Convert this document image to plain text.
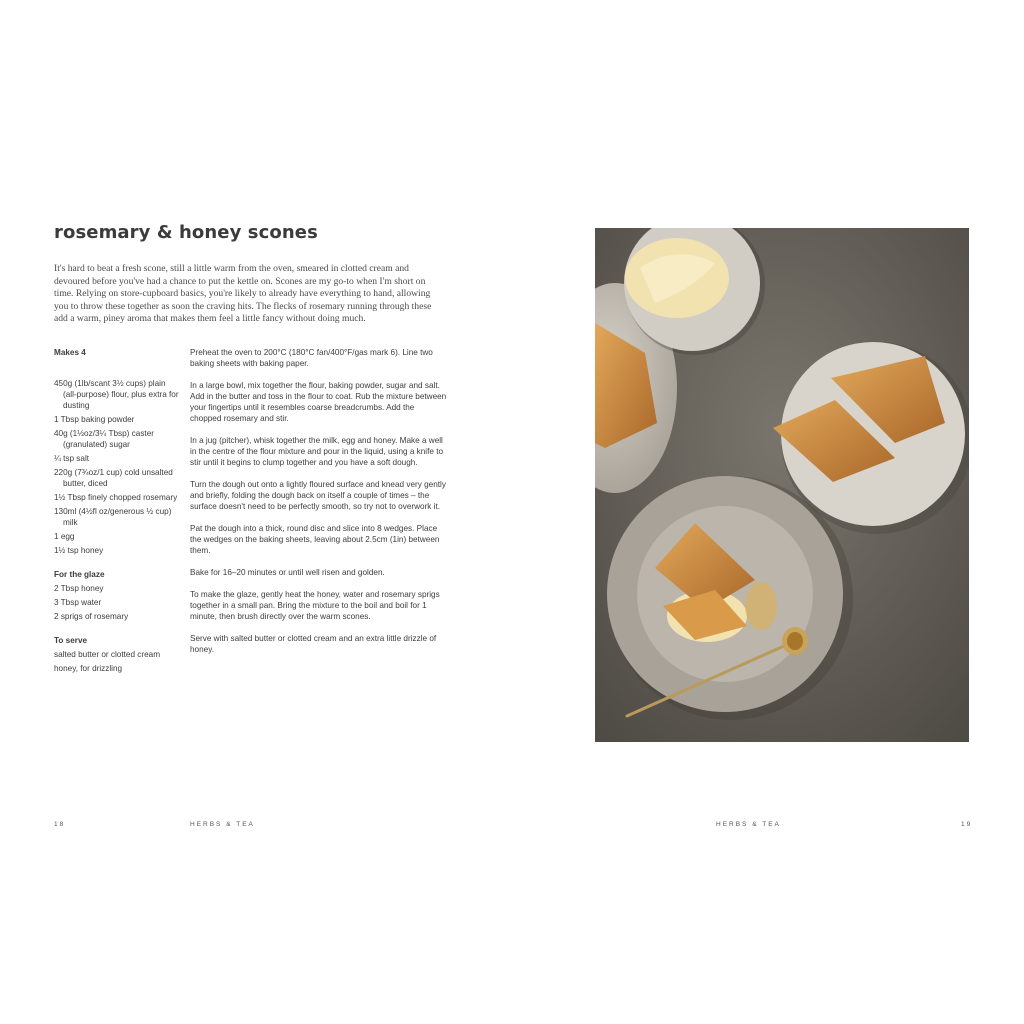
rosemary & honey scones

It's hard to beat a fresh scone, still a little warm from the oven, smeared in clotted cream and devoured before you've had a chance to put the kettle on. Scones are my go-to when I'm short on time. Relying on store-cupboard basics, you're likely to already have everything to hand, allowing you to throw these together as soon the craving hits. The flecks of rosemary running through these add a warm, piney aroma that makes them feel a little fancy without doing much.

Makes 4
450g (1lb/scant 3½ cups) plain (all-purpose) flour, plus extra for dusting
1 Tbsp baking powder
40g (1½oz/3¼ Tbsp) caster (granulated) sugar
¼ tsp salt
220g (7¾oz/1 cup) cold unsalted butter, diced
1½ Tbsp finely chopped rosemary
130ml (4½fl oz/generous ½ cup) milk
1 egg
1½ tsp honey
For the glaze
2 Tbsp honey
3 Tbsp water
2 sprigs of rosemary
To serve
salted butter or clotted cream
honey, for drizzling

Preheat the oven to 200°C (180°C fan/400°F/gas mark 6). Line two baking sheets with baking paper.

In a large bowl, mix together the flour, baking powder, sugar and salt. Add in the butter and toss in the flour to coat. Rub the mixture between your fingertips until it resembles coarse breadcrumbs. Add the chopped rosemary and stir.

In a jug (pitcher), whisk together the milk, egg and honey. Make a well in the centre of the flour mixture and pour in the liquid, using a knife to stir until it begins to clump together and you have a soft dough.

Turn the dough out onto a lightly floured surface and knead very gently and briefly, folding the dough back on itself a couple of times – the surface doesn't need to be perfectly smooth, so try not to overwork it.

Pat the dough into a thick, round disc and slice into 8 wedges. Place the wedges on the baking sheets, leaving about 2.5cm (1in) between them.

Bake for 16–20 minutes or until well risen and golden.

To make the glaze, gently heat the honey, water and rosemary sprigs together in a small pan. Bring the mixture to the boil and boil for 1 minute, then brush directly over the warm scones.

Serve with salted butter or clotted cream and an extra little drizzle of honey.

18	HERBS & TEA	HERBS & TEA	19
